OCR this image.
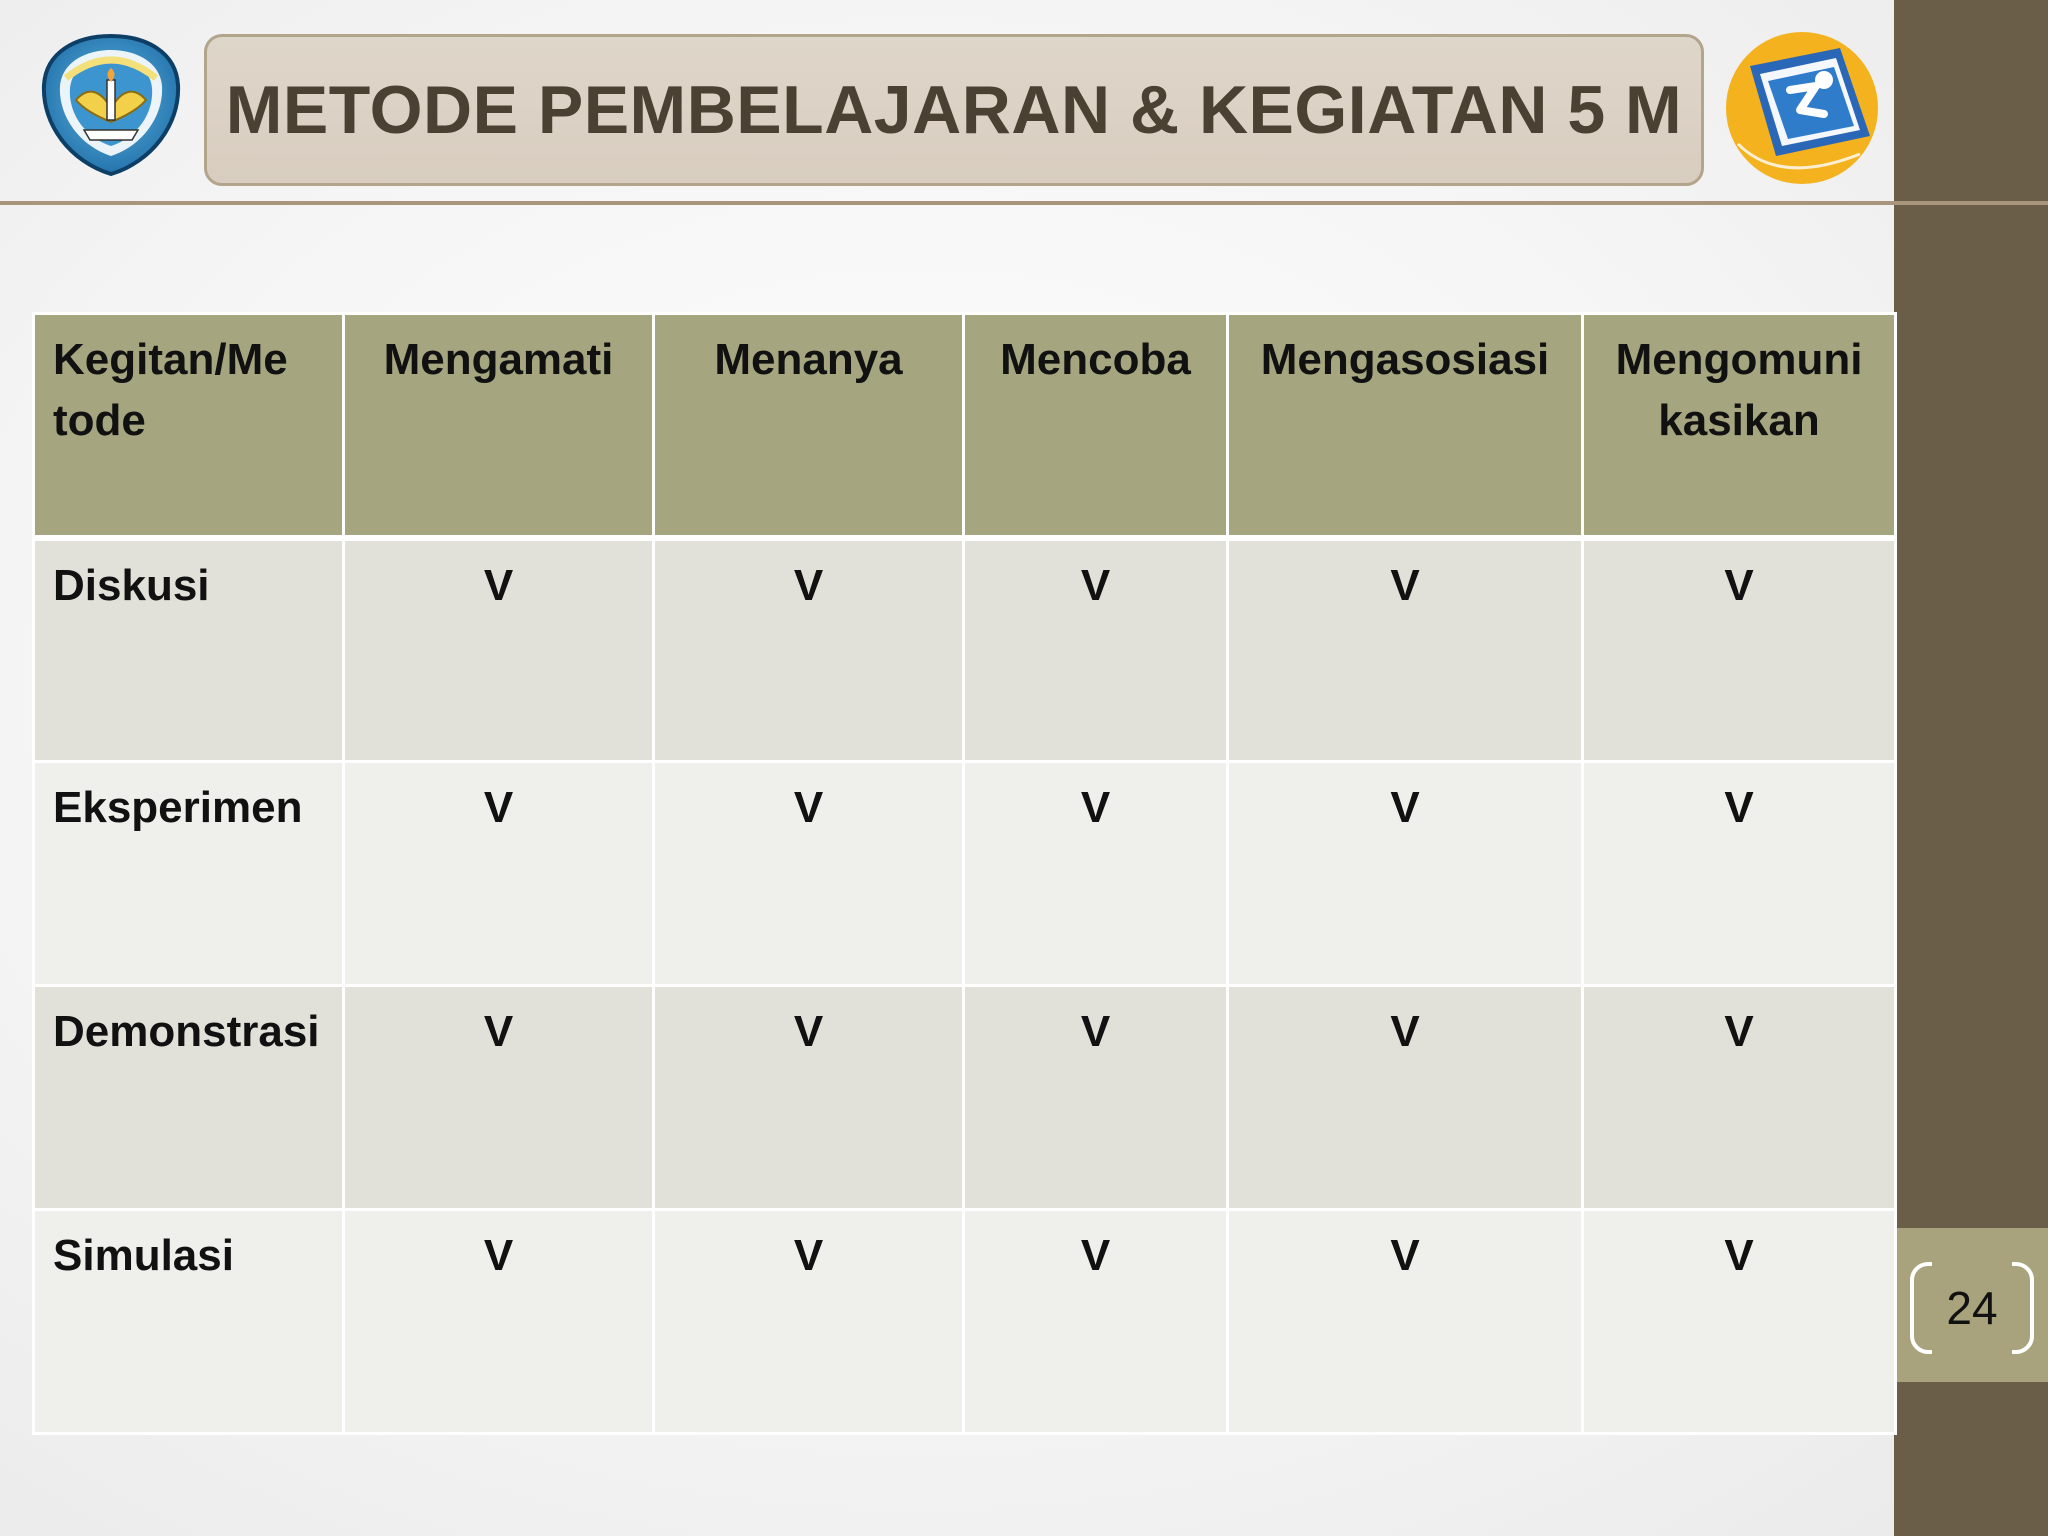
METODE PEMBELAJARAN & KEGIATAN 5 M
Kegitan/Me tode	Mengamati	Menanya	Mencoba	Mengasosiasi	Mengomuni kasikan
Diskusi	V	V	V	V	V
Eksperimen	V	V	V	V	V
Demonstrasi	V	V	V	V	V
Simulasi	V	V	V	V	V
24
